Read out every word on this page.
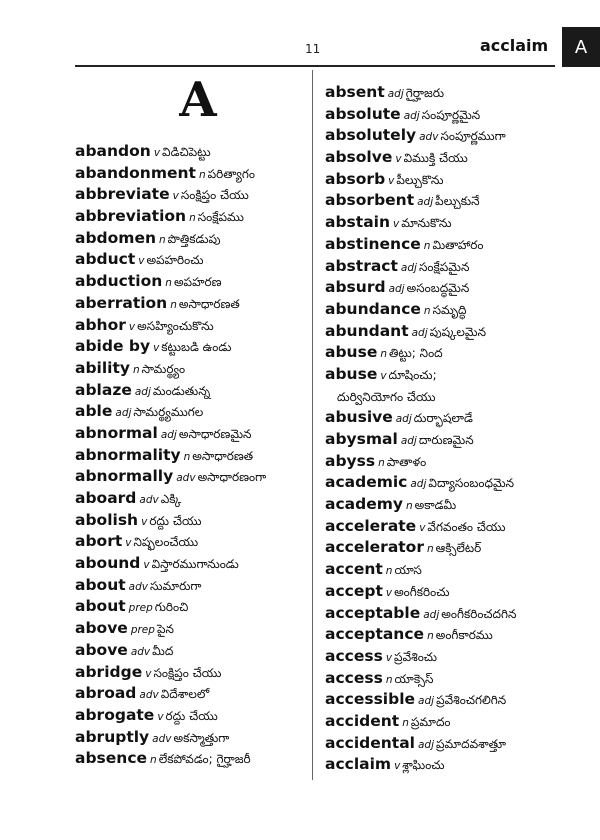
11	acclaim	A
A
abandon v విడిచిపెట్టు
abandonment n పరిత్యాగం
abbreviate v సంక్షిప్తం చేయు
abbreviation n సంక్షేపము
abdomen n పొత్తికడుపు
abduct v అపహరించు
abduction n అపహరణ
aberration n అసాధారణత
abhor v అసహ్యించుకొను
abide by v కట్టుబడి ఉండు
ability n సామర్థ్యం
ablaze adj మండుతున్న
able adj సామర్థ్యముగల
abnormal adj అసాధారణమైన
abnormality n అసాధారణత
abnormally adv అసాధారణంగా
aboard adv ఎక్కి
abolish v రద్దు చేయు
abort v నిష్ఫలంచేయు
abound v విస్తారముగానుండు
about adv సుమారుగా
about prep గురించి
above prep పైన
above adv మీద
abridge v సంక్షిప్తం చేయు
abroad adv విదేశాలలో
abrogate v రద్దు చేయు
abruptly adv అకస్మాత్తుగా
absence n లేకపోవడం; గైర్హాజరీ
absent adj గైర్హాజరు
absolute adj సంపూర్ణమైన
absolutely adv సంపూర్ణముగా
absolve v విముక్తి చేయు
absorb v పీల్చుకొను
absorbent adj పీల్చుకునే
abstain v మానుకొను
abstinence n మితాహారం
abstract adj సంక్షేపమైన
absurd adj అసంబద్ధమైన
abundance n సమృద్ధి
abundant adj పుష్కలమైన
abuse n తిట్టు; నింద
abuse v దూషించు;
దుర్వినియోగం చేయు
abusive adj దుర్భాషలాడే
abysmal adj దారుణమైన
abyss n పాతాళం
academic adj విద్యాసంబంధమైన
academy n అకాడమీ
accelerate v వేగవంతం చేయు
accelerator n ఆక్సిలేటర్
accent n యాస
accept v అంగీకరించు
acceptable adj అంగీకరించదగిన
acceptance n అంగీకారము
access v ప్రవేశించు
access n యాక్సెస్
accessible adj ప్రవేశించగలిగిన
accident n ప్రమాదం
accidental adj ప్రమాదవశాత్తూ
acclaim v శ్లాఘించు
